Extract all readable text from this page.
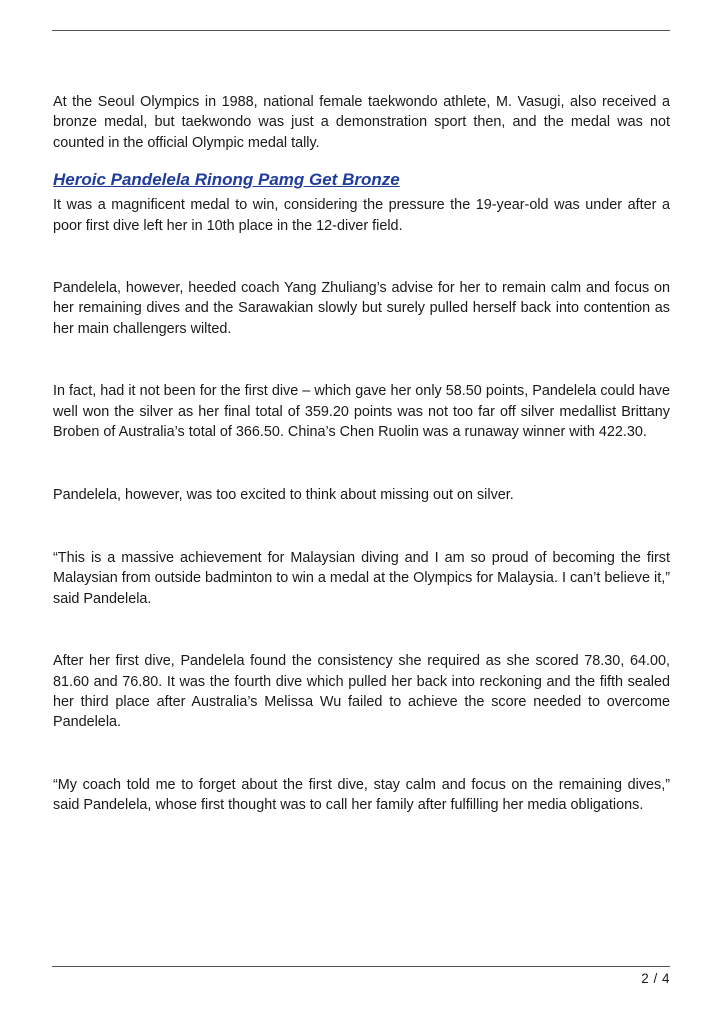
At the Seoul Olympics in 1988, national female taekwondo athlete, M. Vasugi, also received a bronze medal, but taekwondo was just a demonstration sport then, and the medal was not counted in the official Olympic medal tally.

Heroic Pandelela Rinong Pamg Get Bronze

It was a magnificent medal to win, considering the pressure the 19-year-old was under after a poor first dive left her in 10th place in the 12-diver field.

Pandelela, however, heeded coach Yang Zhuliang’s advise for her to remain calm and focus on her remaining dives and the Sarawakian slowly but surely pulled herself back into contention as her main challengers wilted.

In fact, had it not been for the first dive – which gave her only 58.50 points, Pandelela could have well won the silver as her final total of 359.20 points was not too far off silver medallist Brittany Broben of Australia’s total of 366.50. China’s Chen Ruolin was a runaway winner with 422.30.

Pandelela, however, was too excited to think about missing out on silver.

“This is a massive achievement for Malaysian diving and I am so proud of becoming the first Malaysian from outside badminton to win a medal at the Olympics for Malaysia. I can’t believe it,” said Pandelela.

After her first dive, Pandelela found the consistency she required as she scored 78.30, 64.00, 81.60 and 76.80. It was the fourth dive which pulled her back into reckoning and the fifth sealed her third place after Australia’s Melissa Wu failed to achieve the score needed to overcome Pandelela.

“My coach told me to forget about the first dive, stay calm and focus on the remaining dives,” said Pandelela, whose first thought was to call her family after fulfilling her media obligations.

2 / 4
